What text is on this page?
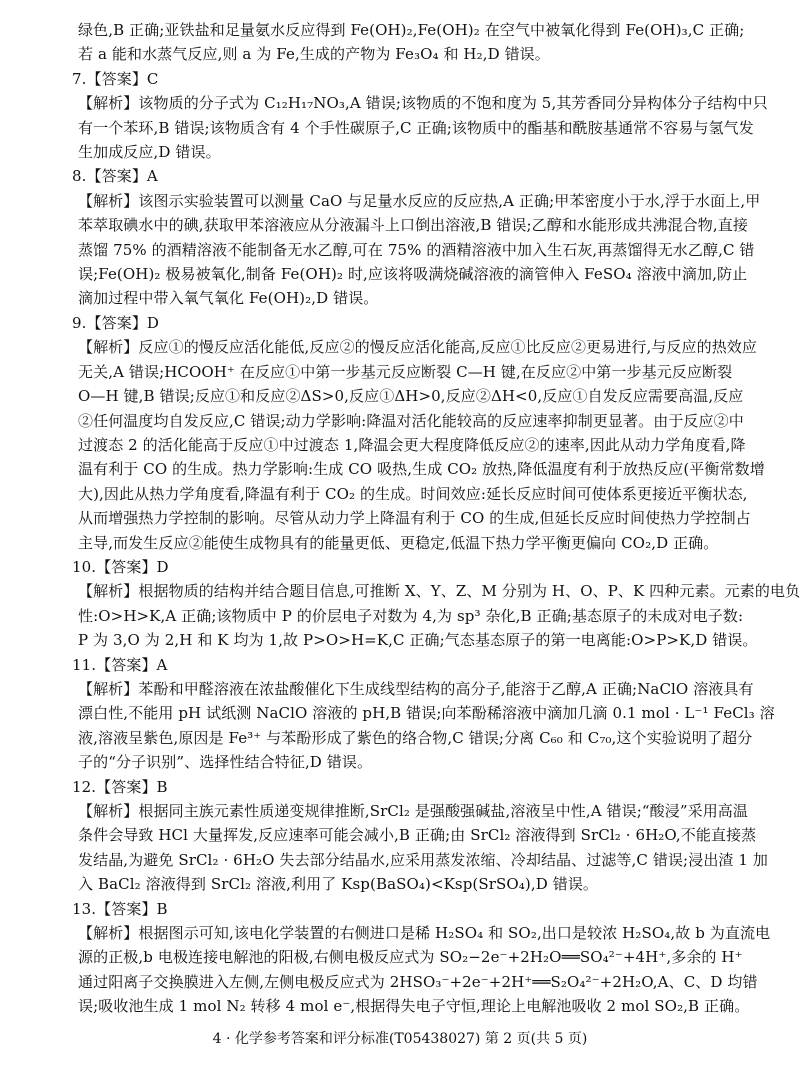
绿色,B 正确;亚铁盐和足量氨水反应得到 Fe(OH)₂,Fe(OH)₂ 在空气中被氧化得到 Fe(OH)₃,C 正确;
若 a 能和水蒸气反应,则 a 为 Fe,生成的产物为 Fe₃O₄ 和 H₂,D 错误。
7.【答案】C
【解析】该物质的分子式为 C₁₂H₁₇NO₃,A 错误;该物质的不饱和度为 5,其芳香同分异构体分子结构中只
有一个苯环,B 错误;该物质含有 4 个手性碳原子,C 正确;该物质中的酯基和酰胺基通常不容易与氢气发
生加成反应,D 错误。
8.【答案】A
【解析】该图示实验装置可以测量 CaO 与足量水反应的反应热,A 正确;甲苯密度小于水,浮于水面上,甲
苯萃取碘水中的碘,获取甲苯溶液应从分液漏斗上口倒出溶液,B 错误;乙醇和水能形成共沸混合物,直接
蒸馏 75% 的酒精溶液不能制备无水乙醇,可在 75% 的酒精溶液中加入生石灰,再蒸馏得无水乙醇,C 错
误;Fe(OH)₂ 极易被氧化,制备 Fe(OH)₂ 时,应该将吸满烧碱溶液的滴管伸入 FeSO₄ 溶液中滴加,防止
滴加过程中带入氧气氧化 Fe(OH)₂,D 错误。
9.【答案】D
【解析】反应①的慢反应活化能低,反应②的慢反应活化能高,反应①比反应②更易进行,与反应的热效应
无关,A 错误;HCOOH⁺ 在反应①中第一步基元反应断裂 C—H 键,在反应②中第一步基元反应断裂
O—H 键,B 错误;反应①和反应②ΔS>0,反应①ΔH>0,反应②ΔH<0,反应①自发反应需要高温,反应
②任何温度均自发反应,C 错误;动力学影响:降温对活化能较高的反应速率抑制更显著。由于反应②中
过渡态 2 的活化能高于反应①中过渡态 1,降温会更大程度降低反应②的速率,因此从动力学角度看,降
温有利于 CO 的生成。热力学影响:生成 CO 吸热,生成 CO₂ 放热,降低温度有利于放热反应(平衡常数增
大),因此从热力学角度看,降温有利于 CO₂ 的生成。时间效应:延长反应时间可使体系更接近平衡状态,
从而增强热力学控制的影响。尽管从动力学上降温有利于 CO 的生成,但延长反应时间使热力学控制占
主导,而发生反应②能使生成物具有的能量更低、更稳定,低温下热力学平衡更偏向 CO₂,D 正确。
10.【答案】D
【解析】根据物质的结构并结合题目信息,可推断 X、Y、Z、M 分别为 H、O、P、K 四种元素。元素的电负
性:O>H>K,A 正确;该物质中 P 的价层电子对数为 4,为 sp³ 杂化,B 正确;基态原子的未成对电子数:
P 为 3,O 为 2,H 和 K 均为 1,故 P>O>H=K,C 正确;气态基态原子的第一电离能:O>P>K,D 错误。
11.【答案】A
【解析】苯酚和甲醛溶液在浓盐酸催化下生成线型结构的高分子,能溶于乙醇,A 正确;NaClO 溶液具有
漂白性,不能用 pH 试纸测 NaClO 溶液的 pH,B 错误;向苯酚稀溶液中滴加几滴 0.1 mol · L⁻¹ FeCl₃ 溶
液,溶液呈紫色,原因是 Fe³⁺ 与苯酚形成了紫色的络合物,C 错误;分离 C₆₀ 和 C₇₀,这个实验说明了超分
子的“分子识别”、选择性结合特征,D 错误。
12.【答案】B
【解析】根据同主族元素性质递变规律推断,SrCl₂ 是强酸强碱盐,溶液呈中性,A 错误;“酸浸”采用高温
条件会导致 HCl 大量挥发,反应速率可能会减小,B 正确;由 SrCl₂ 溶液得到 SrCl₂ · 6H₂O,不能直接蒸
发结晶,为避免 SrCl₂ · 6H₂O 失去部分结晶水,应采用蒸发浓缩、冷却结晶、过滤等,C 错误;浸出渣 1 加
入 BaCl₂ 溶液得到 SrCl₂ 溶液,利用了 Ksp(BaSO₄)<Ksp(SrSO₄),D 错误。
13.【答案】B
【解析】根据图示可知,该电化学装置的右侧进口是稀 H₂SO₄ 和 SO₂,出口是较浓 H₂SO₄,故 b 为直流电
源的正极,b 电极连接电解池的阳极,右侧电极反应式为 SO₂−2e⁻+2H₂O══SO₄²⁻+4H⁺,多余的 H⁺
通过阳离子交换膜进入左侧,左侧电极反应式为 2HSO₃⁻+2e⁻+2H⁺══S₂O₄²⁻+2H₂O,A、C、D 均错
误;吸收池生成 1 mol N₂ 转移 4 mol e⁻,根据得失电子守恒,理论上电解池吸收 2 mol SO₂,B 正确。
4 · 化学参考答案和评分标准(T05438027) 第 2 页(共 5 页)
